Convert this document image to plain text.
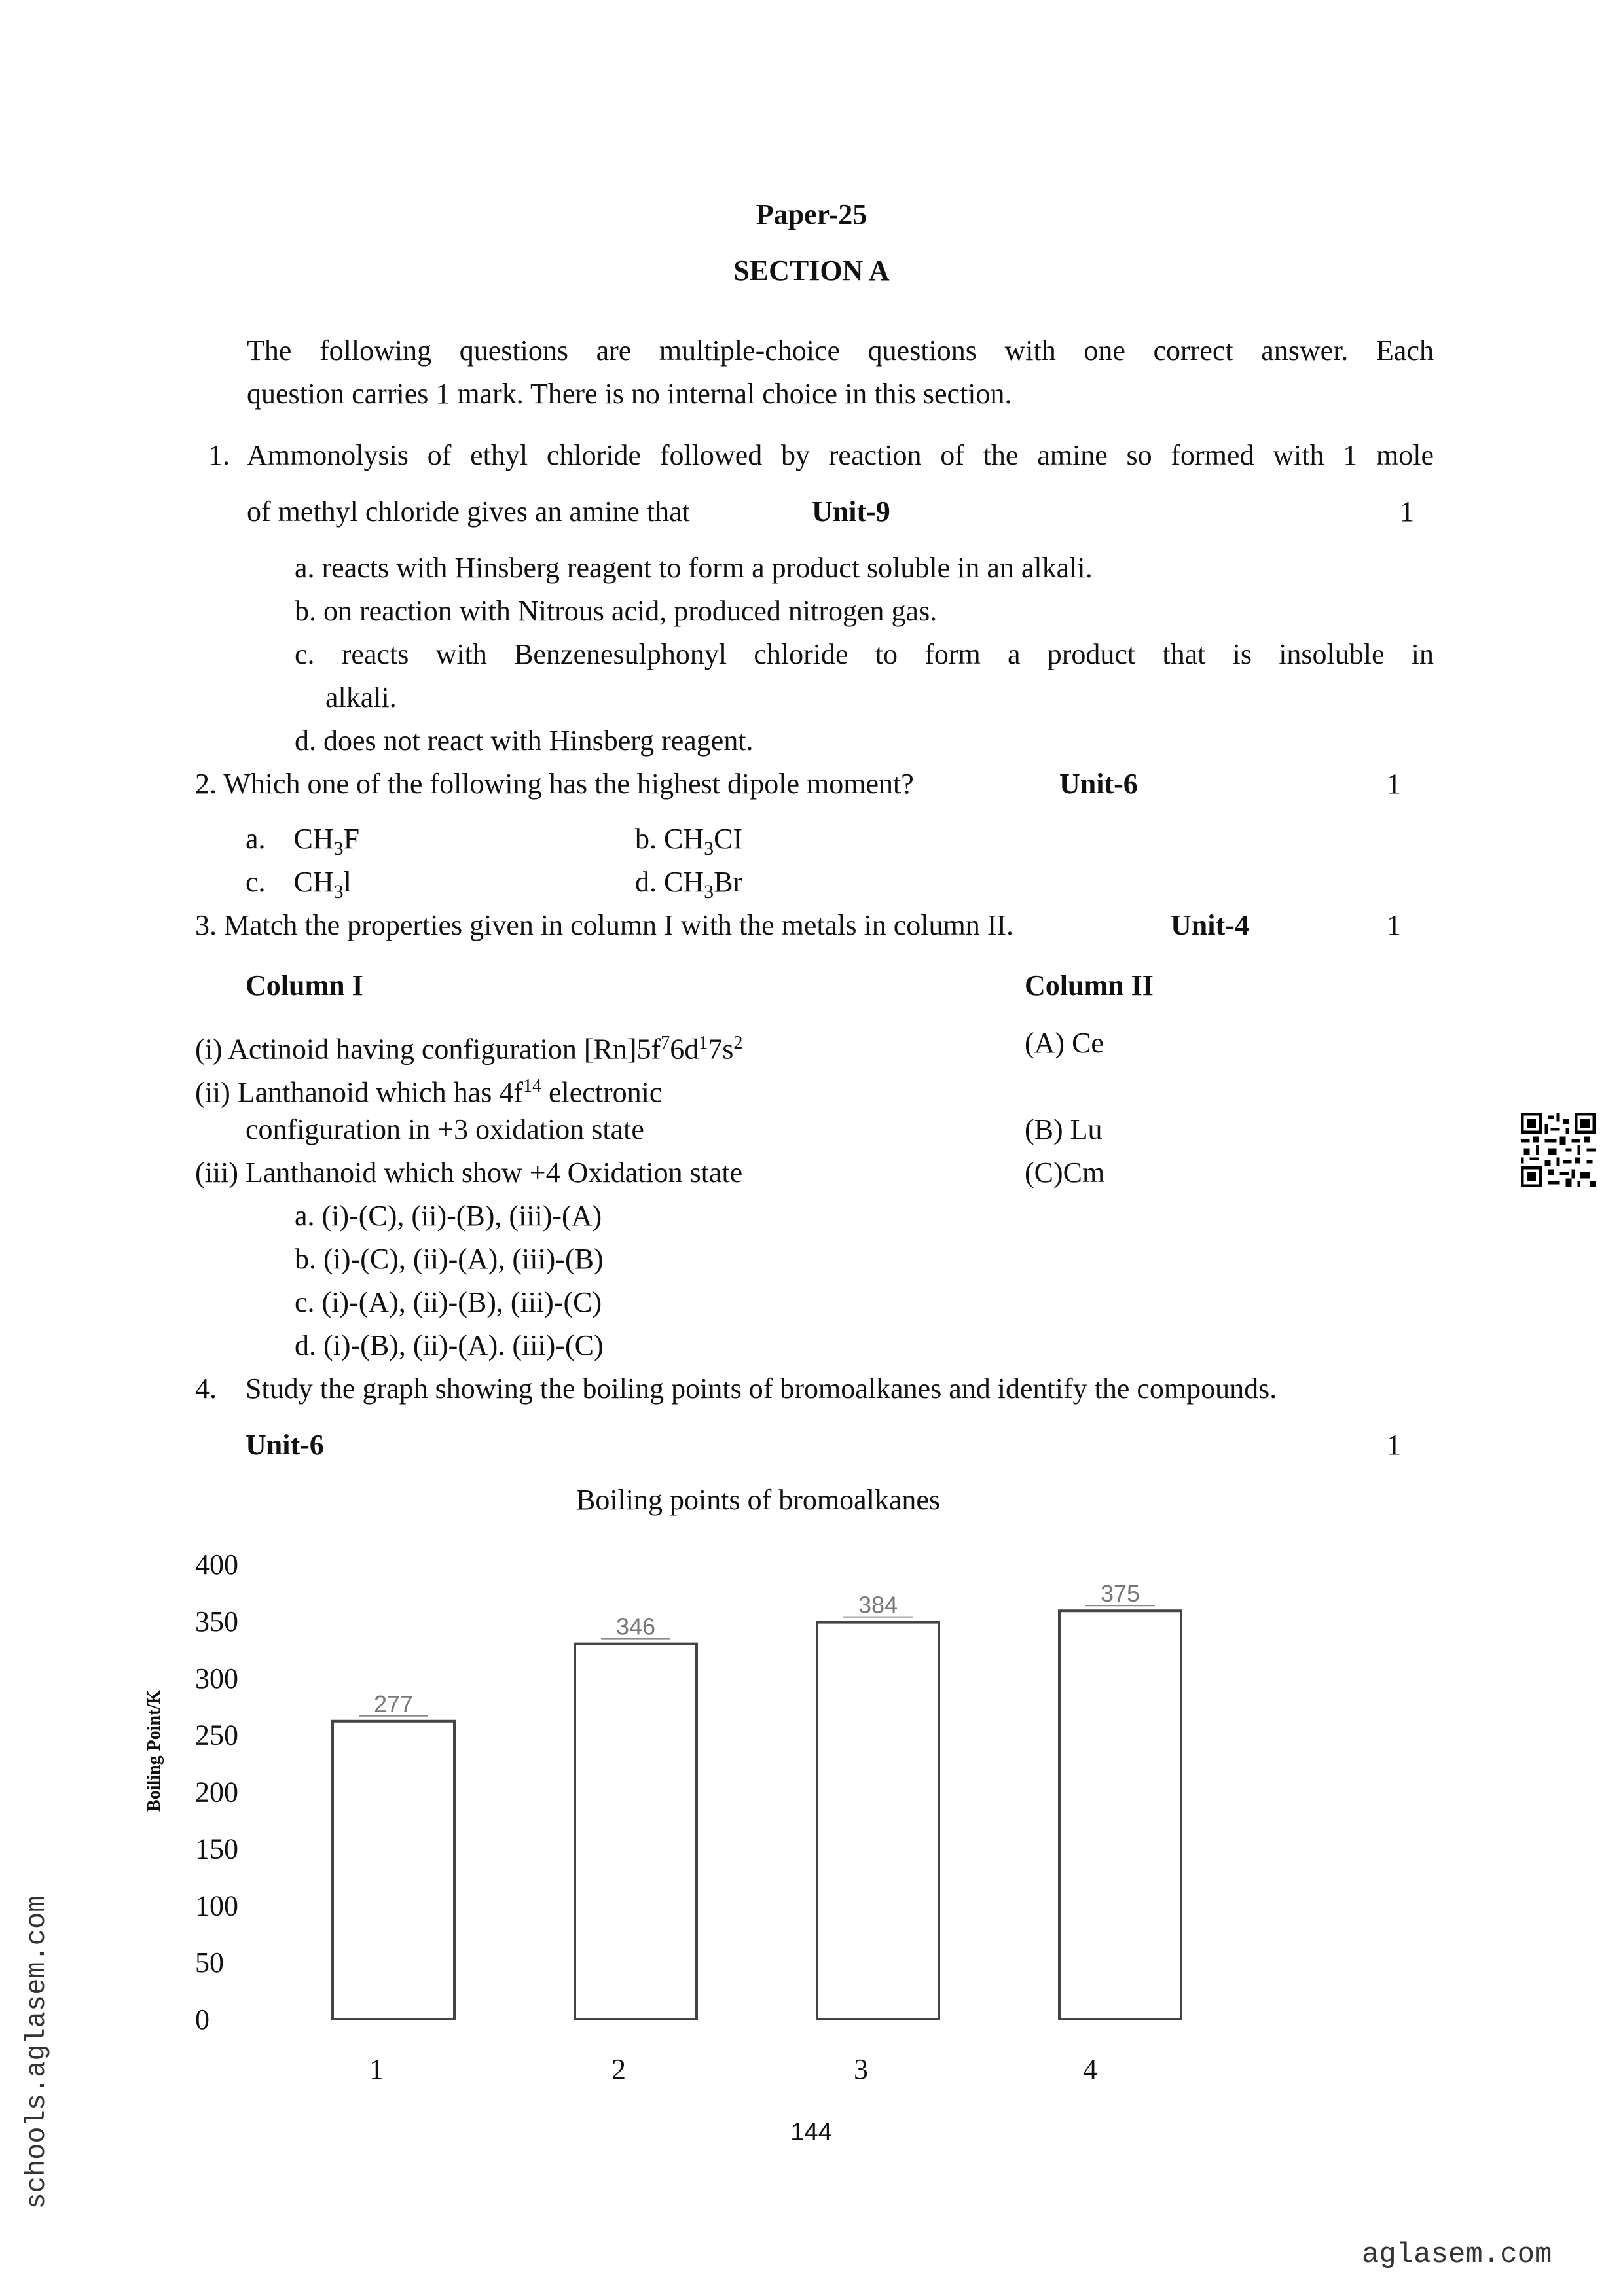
Paper-25
SECTION A
The following questions are multiple-choice questions with one correct answer. Each
question carries 1 mark. There is no internal choice in this section.
1. Ammonolysis of ethyl chloride followed by reaction of the amine so formed with 1 mole
of methyl chloride gives an amine that	Unit-9	1
a. reacts with Hinsberg reagent to form a product soluble in an alkali.
b. on reaction with Nitrous acid, produced nitrogen gas.
c. reacts with Benzenesulphonyl chloride to form a product that is insoluble in
alkali.
d. does not react with Hinsberg reagent.
2. Which one of the following has the highest dipole moment?	Unit-6	1
a. $CH_3F$	b. $CH_3CI$
c. $CH_3l$	d. $CH_3Br$
3. Match the properties given in column I with the metals in column II.	Unit-4	1
Column I	Column II
(i) Actinoid having configuration $[Rn]5f^76d^17s^2$	(A) Ce
(ii) Lanthanoid which has $4f^{14}$ electronic
configuration in +3 oxidation state	(B) Lu
(iii) Lanthanoid which show +4 Oxidation state	(C)Cm
a. (i)-(C), (ii)-(B), (iii)-(A)
b. (i)-(C), (ii)-(A), (iii)-(B)
c. (i)-(A), (ii)-(B), (iii)-(C)
d. (i)-(B), (ii)-(A). (iii)-(C)
4. Study the graph showing the boiling points of bromoalkanes and identify the compounds.
Unit-6	1
Boiling points of bromoalkanes
Boiling Point/K
400
350
300
250
200
150
100
50
0
277
346
384	375
1	2	3	4
144
schools.aglasem.com
aglasem.com
